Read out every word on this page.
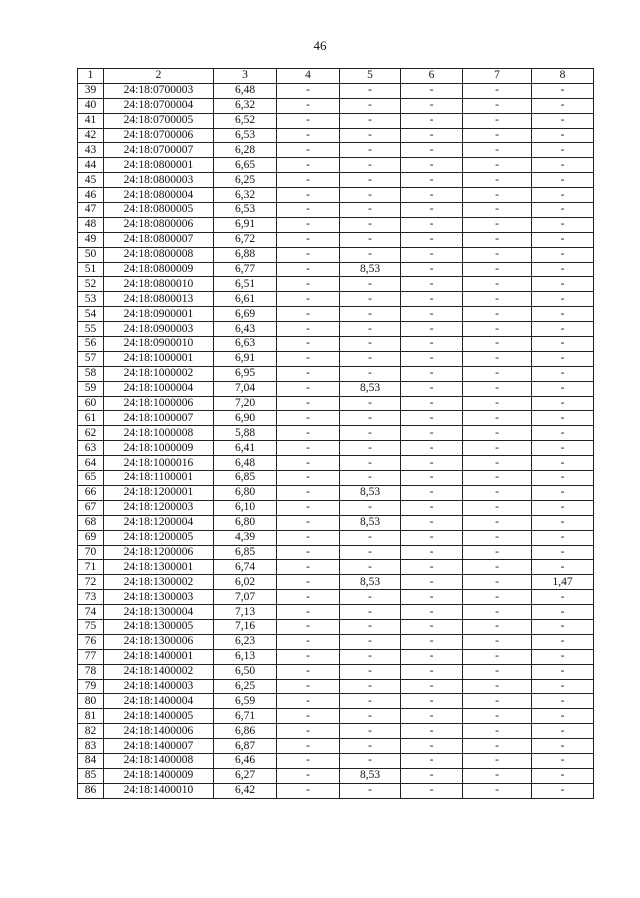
46
1	2	3	4	5	6	7	8
39	24:18:0700003	6,48	-	-	-	-	-
40	24:18:0700004	6,32	-	-	-	-	-
41	24:18:0700005	6,52	-	-	-	-	-
42	24:18:0700006	6,53	-	-	-	-	-
43	24:18:0700007	6,28	-	-	-	-	-
44	24:18:0800001	6,65	-	-	-	-	-
45	24:18:0800003	6,25	-	-	-	-	-
46	24:18:0800004	6,32	-	-	-	-	-
47	24:18:0800005	6,53	-	-	-	-	-
48	24:18:0800006	6,91	-	-	-	-	-
49	24:18:0800007	6,72	-	-	-	-	-
50	24:18:0800008	6,88	-	-	-	-	-
51	24:18:0800009	6,77	-	8,53	-	-	-
52	24:18:0800010	6,51	-	-	-	-	-
53	24:18:0800013	6,61	-	-	-	-	-
54	24:18:0900001	6,69	-	-	-	-	-
55	24:18:0900003	6,43	-	-	-	-	-
56	24:18:0900010	6,63	-	-	-	-	-
57	24:18:1000001	6,91	-	-	-	-	-
58	24:18:1000002	6,95	-	-	-	-	-
59	24:18:1000004	7,04	-	8,53	-	-	-
60	24:18:1000006	7,20	-	-	-	-	-
61	24:18:1000007	6,90	-	-	-	-	-
62	24:18:1000008	5,88	-	-	-	-	-
63	24:18:1000009	6,41	-	-	-	-	-
64	24:18:1000016	6,48	-	-	-	-	-
65	24:18:1100001	6,85	-	-	-	-	-
66	24:18:1200001	6,80	-	8,53	-	-	-
67	24:18:1200003	6,10	-	-	-	-	-
68	24:18:1200004	6,80	-	8,53	-	-	-
69	24:18:1200005	4,39	-	-	-	-	-
70	24:18:1200006	6,85	-	-	-	-	-
71	24:18:1300001	6,74	-	-	-	-	-
72	24:18:1300002	6,02	-	8,53	-	-	1,47
73	24:18:1300003	7,07	-	-	-	-	-
74	24:18:1300004	7,13	-	-	-	-	-
75	24:18:1300005	7,16	-	-	-	-	-
76	24:18:1300006	6,23	-	-	-	-	-
77	24:18:1400001	6,13	-	-	-	-	-
78	24:18:1400002	6,50	-	-	-	-	-
79	24:18:1400003	6,25	-	-	-	-	-
80	24:18:1400004	6,59	-	-	-	-	-
81	24:18:1400005	6,71	-	-	-	-	-
82	24:18:1400006	6,86	-	-	-	-	-
83	24:18:1400007	6,87	-	-	-	-	-
84	24:18:1400008	6,46	-	-	-	-	-
85	24:18:1400009	6,27	-	8,53	-	-	-
86	24:18:1400010	6,42	-	-	-	-	-
